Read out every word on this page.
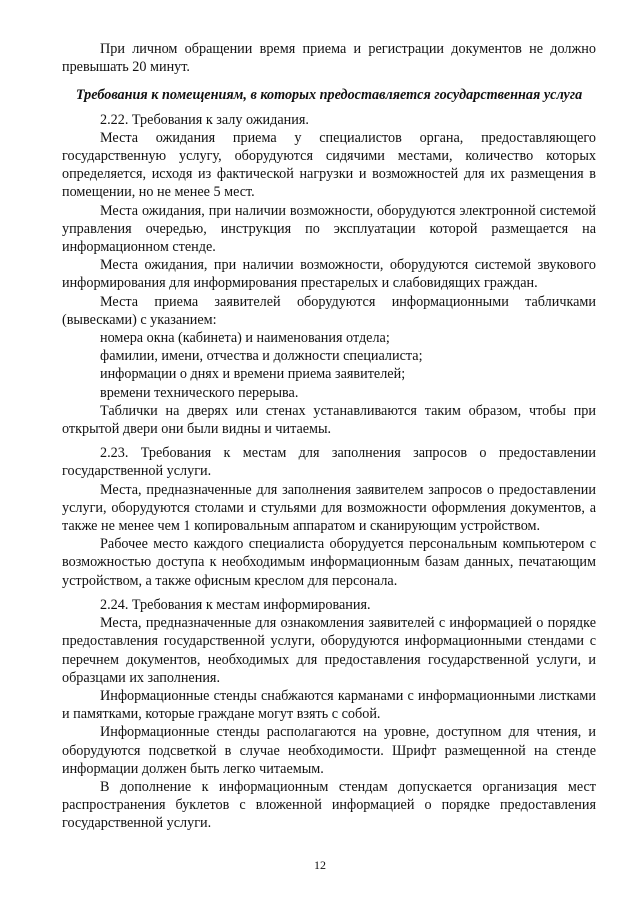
При личном обращении время приема и регистрации документов не должно превышать 20 минут.

Требования к помещениям, в которых предоставляется государственная услуга

2.22. Требования к залу ожидания.

Места ожидания приема у специалистов органа, предоставляющего государственную услугу, оборудуются сидячими местами, количество которых определяется, исходя из фактической нагрузки и возможностей для их размещения в помещении, но не менее 5 мест.

Места ожидания, при наличии возможности, оборудуются электронной системой управления очередью, инструкция по эксплуатации которой размещается на информационном стенде.

Места ожидания, при наличии возможности, оборудуются системой звукового информирования для информирования престарелых и слабовидящих граждан.

Места приема заявителей оборудуются информационными табличками (вывесками) с указанием:

номера окна (кабинета) и наименования отдела;

фамилии, имени, отчества и должности специалиста;

информации о днях и времени приема заявителей;

времени технического перерыва.

Таблички на дверях или стенах устанавливаются таким образом, чтобы при открытой двери они были видны и читаемы.

2.23. Требования к местам для заполнения запросов о предоставлении государственной услуги.

Места, предназначенные для заполнения заявителем запросов о предоставлении услуги, оборудуются столами и стульями для возможности оформления документов, а также не менее чем 1 копировальным аппаратом и сканирующим устройством.

Рабочее место каждого специалиста оборудуется персональным компьютером с возможностью доступа к необходимым информационным базам данных, печатающим устройством, а также офисным креслом для персонала.

2.24. Требования к местам информирования.

Места, предназначенные для ознакомления заявителей с информацией о порядке предоставления государственной услуги, оборудуются информационными стендами с перечнем документов, необходимых для предоставления государственной услуги, и образцами их заполнения.

Информационные стенды снабжаются карманами с информационными листками и памятками, которые граждане могут взять с собой.

Информационные стенды располагаются на уровне, доступном для чтения, и оборудуются подсветкой в случае необходимости. Шрифт размещенной на стенде информации должен быть легко читаемым.

В дополнение к информационным стендам допускается организация мест распространения буклетов с вложенной информацией о порядке предоставления государственной услуги.

12
